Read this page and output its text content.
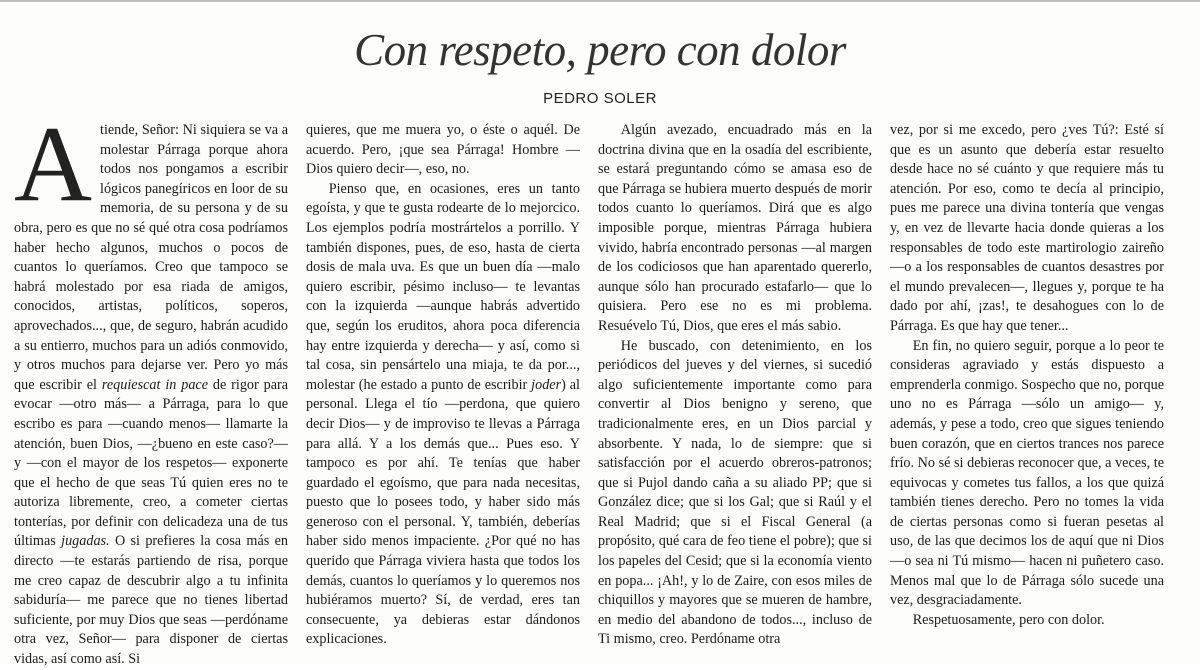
Con respeto, pero con dolor
PEDRO SOLER

Atiende, Señor: Ni siquiera se va a molestar Párraga porque ahora todos nos pongamos a escribir lógicos panegíricos en loor de su memoria, de su persona y de su obra, pero es que no sé qué otra cosa podríamos haber hecho algunos, muchos o pocos de cuantos lo queríamos. Creo que tampoco se habrá molestado por esa riada de amigos, conocidos, artistas, políticos, soperos, aprovechados..., que, de seguro, habrán acudido a su entierro, muchos para un adiós conmovido, y otros muchos para dejarse ver. Pero yo más que escribir el requiescat in pace de rigor para evocar —otro más— a Párraga, para lo que escribo es para —cuando menos— llamarte la atención, buen Dios, —¿bueno en este caso?— y —con el mayor de los respetos— exponerte que el hecho de que seas Tú quien eres no te autoriza libremente, creo, a cometer ciertas tonterías, por definir con delicadeza una de tus últimas jugadas. O si prefieres la cosa más en directo —te estarás partiendo de risa, porque me creo capaz de descubrir algo a tu infinita sabiduría— me parece que no tienes libertad suficiente, por muy Dios que seas —perdóname otra vez, Señor— para disponer de ciertas vidas, así como así. Si

quieres, que me muera yo, o éste o aquél. De acuerdo. Pero, ¡que sea Párraga! Hombre —Dios quiero decir—, eso, no.

Pienso que, en ocasiones, eres un tanto egoísta, y que te gusta rodearte de lo mejorcico. Los ejemplos podría mostrártelos a porrillo. Y también dispones, pues, de eso, hasta de cierta dosis de mala uva. Es que un buen día —malo quiero escribir, pésimo incluso— te levantas con la izquierda —aunque habrás advertido que, según los eruditos, ahora poca diferencia hay entre izquierda y derecha— y así, como si tal cosa, sin pensártelo una miaja, te da por..., molestar (he estado a punto de escribir joder) al personal. Llega el tío —perdona, que quiero decir Dios— y de improviso te llevas a Párraga para allá. Y a los demás que... Pues eso. Y tampoco es por ahí. Te tenías que haber guardado el egoísmo, que para nada necesitas, puesto que lo posees todo, y haber sido más generoso con el personal. Y, también, deberías haber sido menos impaciente. ¿Por qué no has querido que Párraga viviera hasta que todos los demás, cuantos lo queríamos y lo queremos nos hubiéramos muerto? Sí, de verdad, eres tan consecuente, ya debieras estar dándonos explicaciones.

Algún avezado, encuadrado más en la doctrina divina que en la osadía del escribiente, se estará preguntando cómo se amasa eso de que Párraga se hubiera muerto después de morir todos cuanto lo queríamos. Dirá que es algo imposible porque, mientras Párraga hubiera vivido, habría encontrado personas —al margen de los codiciosos que han aparentado quererlo, aunque sólo han procurado estafarlo— que lo quisiera. Pero ese no es mi problema. Resuévelo Tú, Dios, que eres el más sabio.

He buscado, con detenimiento, en los periódicos del jueves y del viernes, si sucedió algo suficientemente importante como para convertir al Dios benigno y sereno, que tradicionalmente eres, en un Dios parcial y absorbente. Y nada, lo de siempre: que si satisfacción por el acuerdo obreros-patronos; que si Pujol dando caña a su aliado PP; que si González dice; que si los Gal; que si Raúl y el Real Madrid; que si el Fiscal General (a propósito, qué cara de feo tiene el pobre); que si los papeles del Cesid; que si la economía viento en popa... ¡Ah!, y lo de Zaire, con esos miles de chiquillos y mayores que se mueren de hambre, en medio del abandono de todos..., incluso de Ti mismo, creo. Perdóname otra

vez, por si me excedo, pero ¿ves Tú?: Esté sí que es un asunto que debería estar resuelto desde hace no sé cuánto y que requiere más tu atención. Por eso, como te decía al principio, pues me parece una divina tontería que vengas y, en vez de llevarte hacia donde quieras a los responsables de todo este martirologio zaireño —o a los responsables de cuantos desastres por el mundo prevalecen—, llegues y, porque te ha dado por ahí, ¡zas!, te desahogues con lo de Párraga. Es que hay que tener...

En fin, no quiero seguir, porque a lo peor te consideras agraviado y estás dispuesto a emprenderla conmigo. Sospecho que no, porque uno no es Párraga —sólo un amigo— y, además, y pese a todo, creo que sigues teniendo buen corazón, que en ciertos trances nos parece frío. No sé si debieras reconocer que, a veces, te equivocas y cometes tus fallos, a los que quizá también tienes derecho. Pero no tomes la vida de ciertas personas como si fueran pesetas al uso, de las que decimos los de aquí que ni Dios —o sea ni Tú mismo— hacen ni puñetero caso. Menos mal que lo de Párraga sólo sucede una vez, desgraciadamente.

Respetuosamente, pero con dolor.
